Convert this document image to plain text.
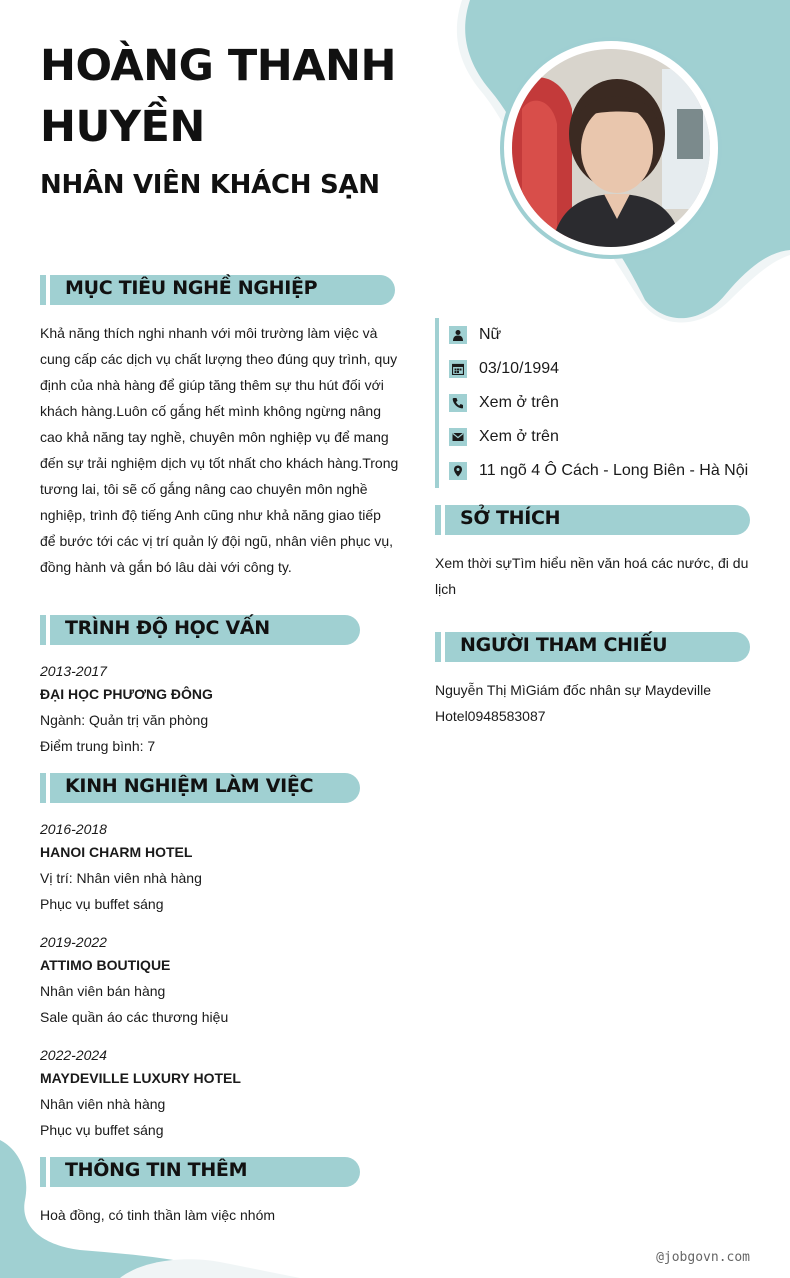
HOÀNG THANH HUYỀN
NHÂN VIÊN KHÁCH SẠN
MỤC TIÊU NGHỀ NGHIỆP
Khả năng thích nghi nhanh với môi trường làm việc và cung cấp các dịch vụ chất lượng theo đúng quy trình, quy định của nhà hàng để giúp tăng thêm sự thu hút đối với khách hàng.Luôn cố gắng hết mình không ngừng nâng cao khả năng tay nghề, chuyên môn nghiệp vụ để mang đến sự trải nghiệm dịch vụ tốt nhất cho khách hàng.Trong tương lai, tôi sẽ cố gắng nâng cao chuyên môn nghề nghiệp, trình độ tiếng Anh cũng như khả năng giao tiếp để bước tới các vị trí quản lý đội ngũ, nhân viên phục vụ, đồng hành và gắn bó lâu dài với công ty.
TRÌNH ĐỘ HỌC VẤN
2013-2017
ĐẠI HỌC PHƯƠNG ĐÔNG
Ngành: Quản trị văn phòng
Điểm trung bình: 7
KINH NGHIỆM LÀM VIỆC
2016-2018
HANOI CHARM HOTEL
Vị trí: Nhân viên nhà hàng
Phục vụ buffet sáng
2019-2022
ATTIMO BOUTIQUE
Nhân viên bán hàng
Sale quần áo các thương hiệu
2022-2024
MAYDEVILLE LUXURY HOTEL
Nhân viên nhà hàng
Phục vụ buffet sáng
THÔNG TIN THÊM
Hoà đồng, có tinh thần làm việc nhóm
Nữ
03/10/1994
Xem ở trên
Xem ở trên
11 ngõ 4 Ô Cách - Long Biên - Hà Nội
SỞ THÍCH
Xem thời sựTìm hiểu nền văn hoá các nước, đi du lịch
NGƯỜI THAM CHIẾU
Nguyễn Thị MìGiám đốc nhân sự Maydeville Hotel0948583087
@jobgovn.com
